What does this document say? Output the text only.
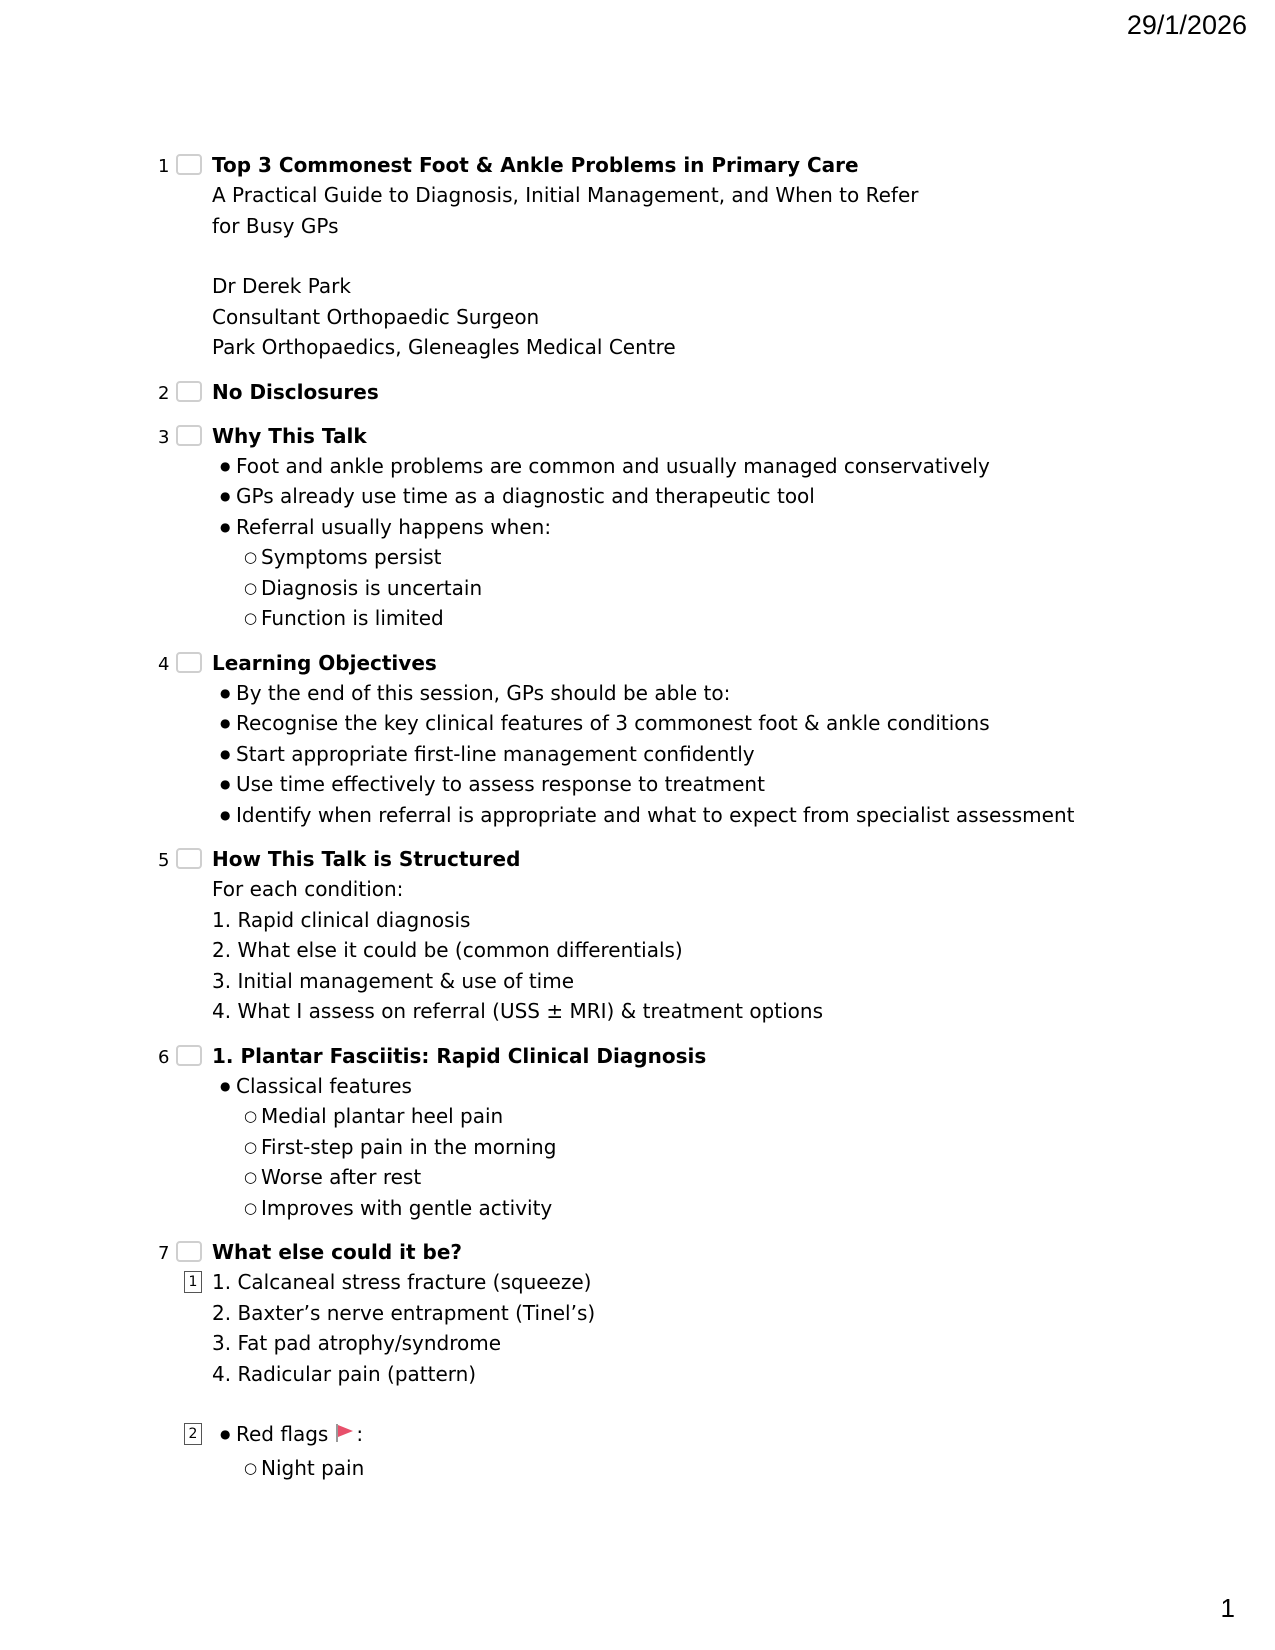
29/1/2026
1 Top 3 Commonest Foot & Ankle Problems in Primary Care

A Practical Guide to Diagnosis, Initial Management, and When to Refer

for Busy GPs

Dr Derek Park

Consultant Orthopaedic Surgeon

Park Orthopaedics, Gleneagles Medical Centre

2 No Disclosures

3 Why This Talk

● Foot and ankle problems are common and usually managed conservatively
● GPs already use time as a diagnostic and therapeutic tool
● Referral usually happens when:
○ Symptoms persist
○ Diagnosis is uncertain
○ Function is limited
4 Learning Objectives

● By the end of this session, GPs should be able to:
● Recognise the key clinical features of 3 commonest foot & ankle conditions
● Start appropriate first-line management confidently
● Use time effectively to assess response to treatment
● Identify when referral is appropriate and what to expect from specialist assessment
5 How This Talk is Structured

For each condition:

1. Rapid clinical diagnosis

2. What else it could be (common differentials)

3. Initial management & use of time

4. What I assess on referral (USS ± MRI) & treatment options

6 1. Plantar Fasciitis: Rapid Clinical Diagnosis

● Classical features
○ Medial plantar heel pain
○ First-step pain in the morning
○ Worse after rest
○ Improves with gentle activity
7 What else could it be?

1 1. Calcaneal stress fracture (squeeze)

2. Baxter’s nerve entrapment (Tinel’s)

3. Fat pad atrophy/syndrome

4. Radicular pain (pattern)

2
●	Red flags :
○ Night pain
1
